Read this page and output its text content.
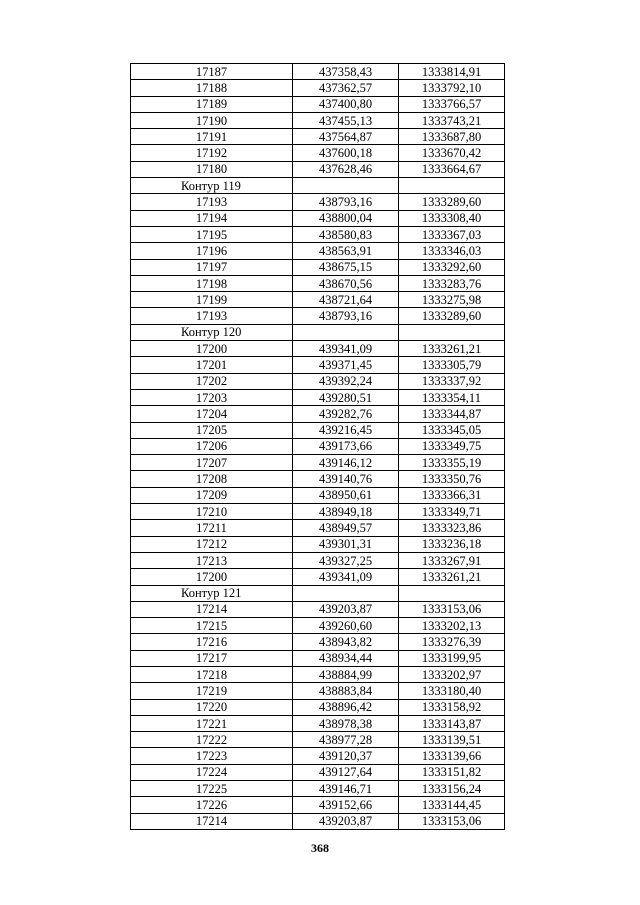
17187	437358,43	1333814,91
17188	437362,57	1333792,10
17189	437400,80	1333766,57
17190	437455,13	1333743,21
17191	437564,87	1333687,80
17192	437600,18	1333670,42
17180	437628,46	1333664,67
Контур 119		
17193	438793,16	1333289,60
17194	438800,04	1333308,40
17195	438580,83	1333367,03
17196	438563,91	1333346,03
17197	438675,15	1333292,60
17198	438670,56	1333283,76
17199	438721,64	1333275,98
17193	438793,16	1333289,60
Контур 120		
17200	439341,09	1333261,21
17201	439371,45	1333305,79
17202	439392,24	1333337,92
17203	439280,51	1333354,11
17204	439282,76	1333344,87
17205	439216,45	1333345,05
17206	439173,66	1333349,75
17207	439146,12	1333355,19
17208	439140,76	1333350,76
17209	438950,61	1333366,31
17210	438949,18	1333349,71
17211	438949,57	1333323,86
17212	439301,31	1333236,18
17213	439327,25	1333267,91
17200	439341,09	1333261,21
Контур 121		
17214	439203,87	1333153,06
17215	439260,60	1333202,13
17216	438943,82	1333276,39
17217	438934,44	1333199,95
17218	438884,99	1333202,97
17219	438883,84	1333180,40
17220	438896,42	1333158,92
17221	438978,38	1333143,87
17222	438977,28	1333139,51
17223	439120,37	1333139,66
17224	439127,64	1333151,82
17225	439146,71	1333156,24
17226	439152,66	1333144,45
17214	439203,87	1333153,06
368
